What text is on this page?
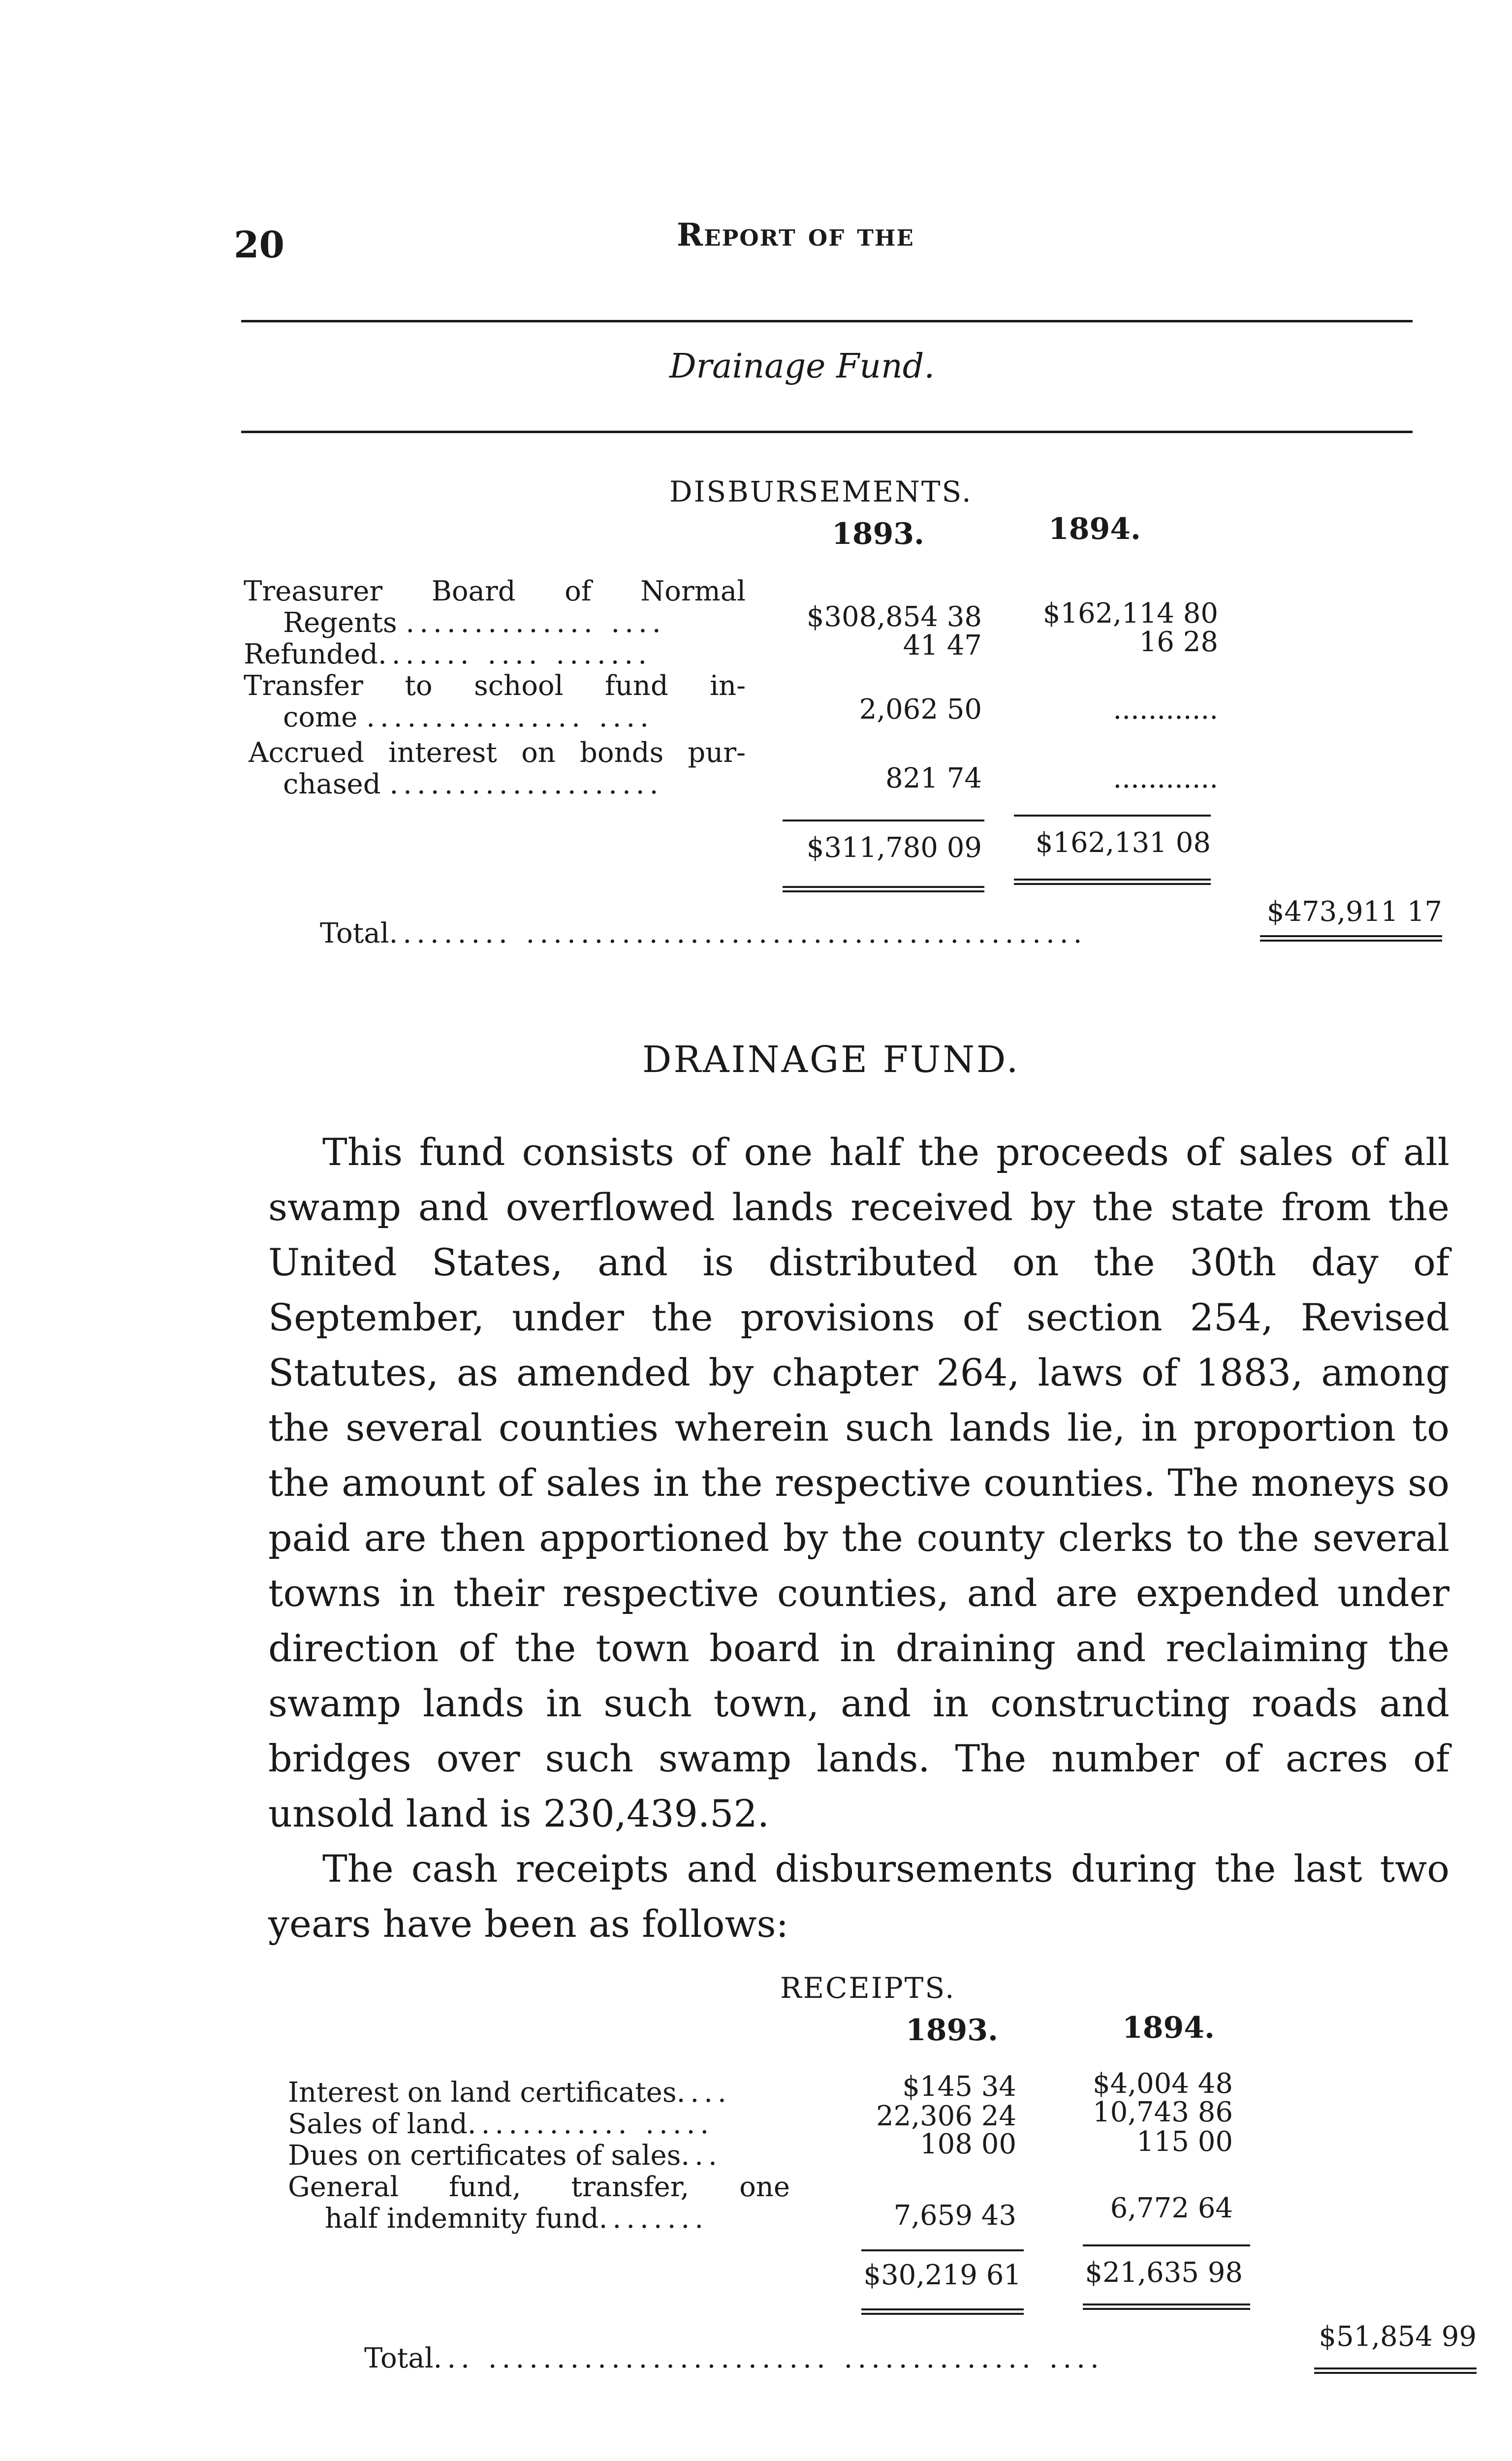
20	Report of the
Drainage Fund.
DISBURSEMENTS.
1893.	1894.
Treasurer Board of Normal
Regents .............. ....	$308,854 38	$162,114 80
Refunded....... .... .......	41 47	16 28
Transfer to school fund in-
come ................ ....	2,062 50	............
Accrued interest on bonds pur-
chased ....................	821 74	............
$311,780 09	$162,131 08
Total......... .........................................
$473,911 17
DRAINAGE FUND.

This fund consists of one half the proceeds of sales of all swamp and overflowed lands received by the state from the United States, and is distributed on the 30th day of September, under the provisions of section 254, Revised Statutes, as amended by chapter 264, laws of 1883, among the several counties wherein such lands lie, in proportion to the amount of sales in the respective counties. The moneys so paid are then apportioned by the county clerks to the several towns in their respective counties, and are expended under direction of the town board in draining and reclaiming the swamp lands in such town, and in constructing roads and bridges over such swamp lands. The number of acres of unsold land is 230,439.52.

The cash receipts and disbursements during the last two years have been as follows:

RECEIPTS.
1893.	1894.
Interest on land certificates....	$145 34	$4,004 48
Sales of land............ .....	22,306 24	10,743 86
Dues on certificates of sales...	108 00	115 00
General fund, transfer, one
half indemnity fund........	7,659 43	6,772 64
$30,219 61	$21,635 98
Total... ......................... .............. ....
$51,854 99
